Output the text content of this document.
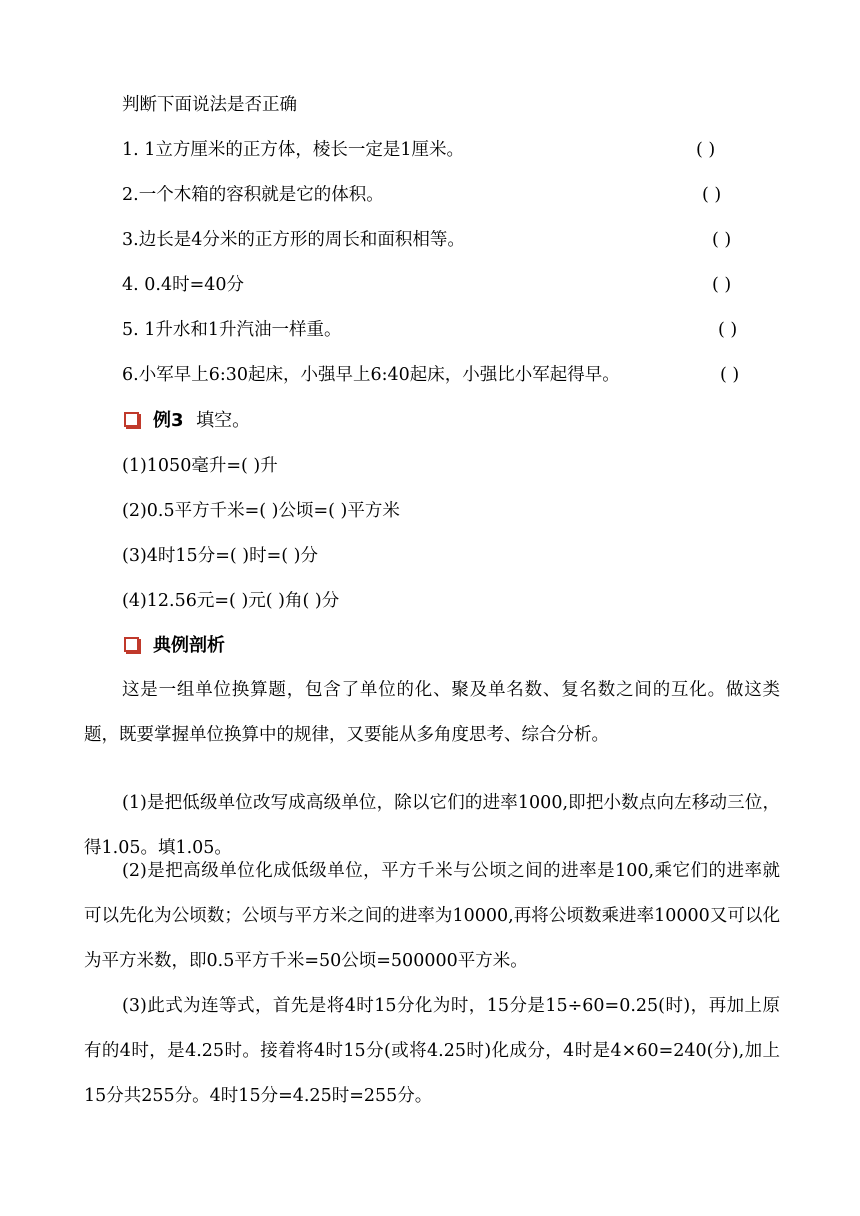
判断下面说法是否正确
1. 1立方厘米的正方体，棱长一定是1厘米。	( )
2.一个木箱的容积就是它的体积。	( )
3.边长是4分米的正方形的周长和面积相等。	( )
4. 0.4时=40分	( )
5. 1升水和1升汽油一样重。	( )
6.小军早上6:30起床，小强早上6:40起床，小强比小军起得早。	( )
例3 填空。
(1)1050毫升=( )升
(2)0.5平方千米=( )公顷=( )平方米
(3)4时15分=( )时=( )分
(4)12.56元=( )元( )角( )分
典例剖析
这是一组单位换算题，包含了单位的化、聚及单名数、复名数之间的互化。做这类题，既要掌握单位换算中的规律，又要能从多角度思考、综合分析。
(1)是把低级单位改写成高级单位，除以它们的进率1000,即把小数点向左移动三位，得1.05。填1.05。
(2)是把高级单位化成低级单位，平方千米与公顷之间的进率是100,乘它们的进率就可以先化为公顷数；公顷与平方米之间的进率为10000,再将公顷数乘进率10000又可以化为平方米数，即0.5平方千米=50公顷=500000平方米。
(3)此式为连等式，首先是将4时15分化为时，15分是15÷60=0.25(时)，再加上原有的4时，是4.25时。接着将4时15分(或将4.25时)化成分，4时是4×60=240(分),加上15分共255分。4时15分=4.25时=255分。
